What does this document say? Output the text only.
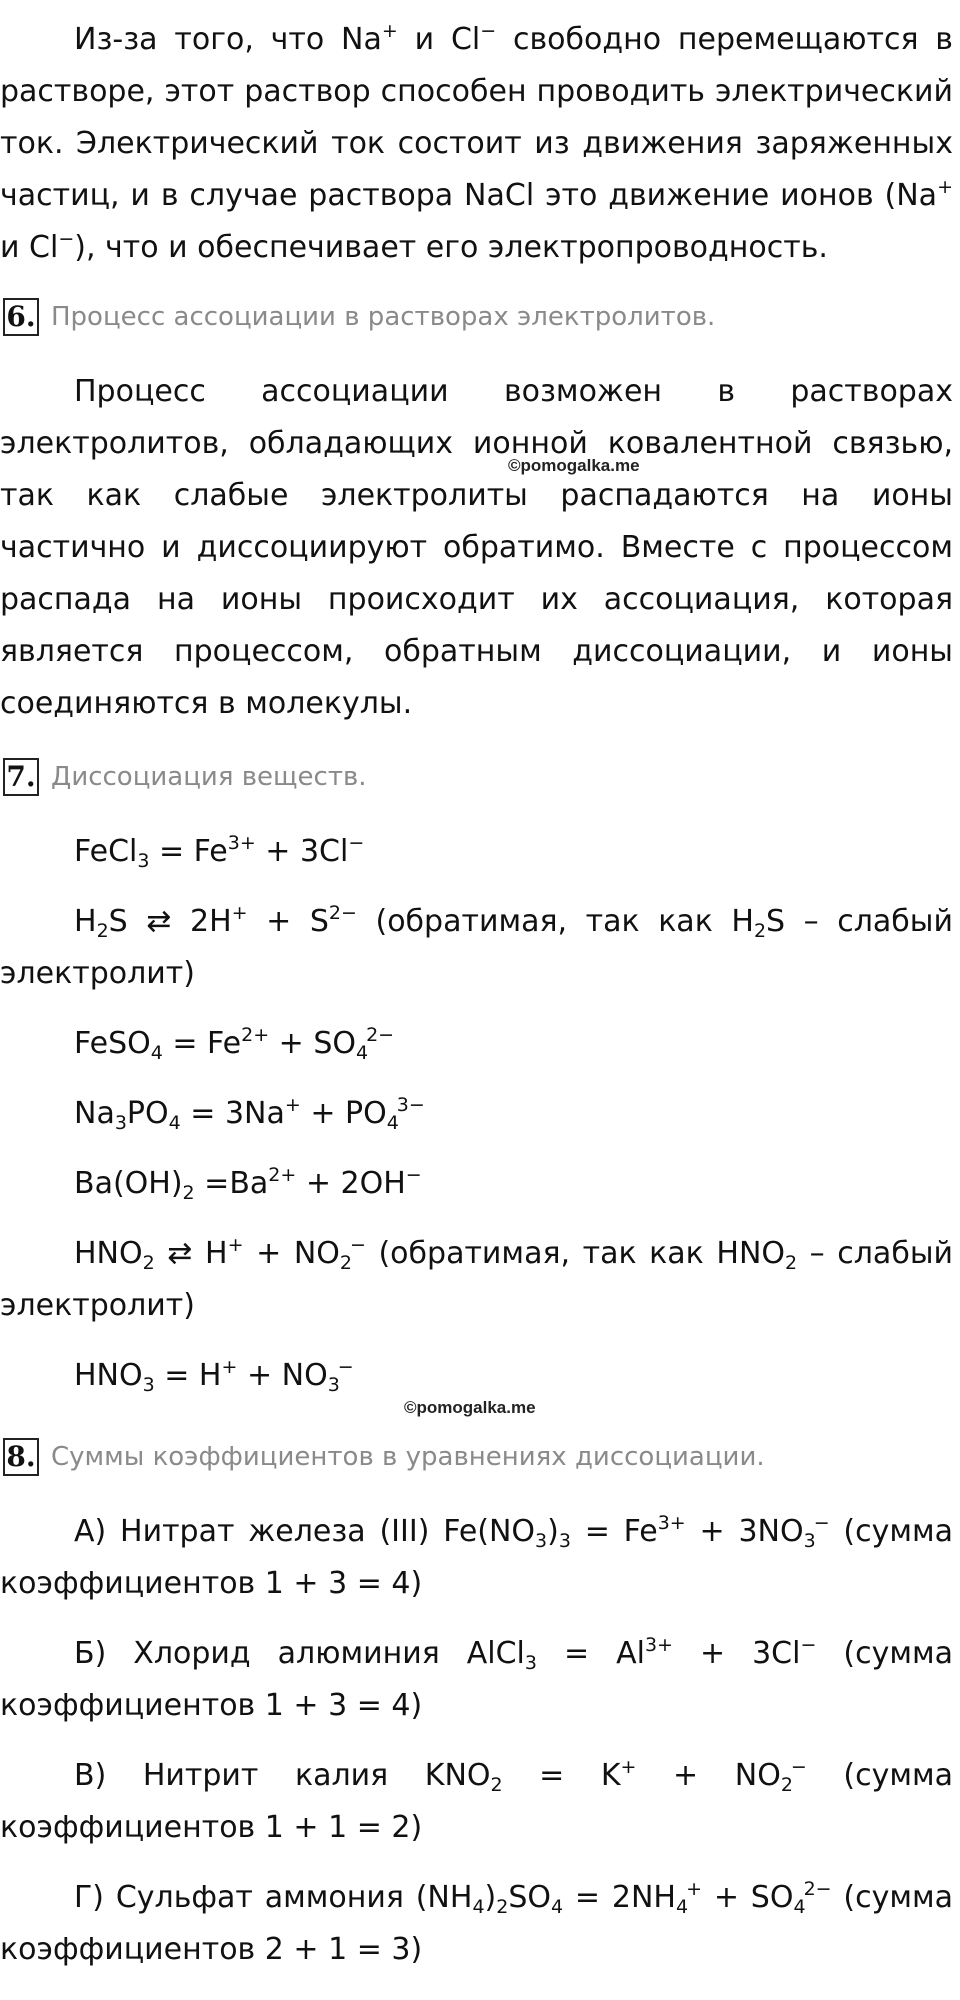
Из-за того, что Na+ и Cl− свободно перемещаются в растворе, этот раствор способен проводить электрический ток. Электрический ток состоит из движения заряженных частиц, и в случае раствора NaCl это движение ионов (Na+ и Cl−), что и обеспечивает его электропроводность.

6. Процесс ассоциации в растворах электролитов.

Процесс ассоциации возможен в растворах электролитов, обладающих ионной ковалентной связью, так как слабые электролиты распадаются на ионы частично и диссоциируют обратимо. Вместе с процессом распада на ионы происходит их ассоциация, которая является процессом, обратным диссоциации, и ионы соединяются в молекулы.

©pomogalka.me
7. Диссоциация веществ.

FeCl$_3$ = $Fe^{3+} + 3Cl^-$

$H_2S$ ⇄ $2H^+ + S^{2-}$ (обратимая, так как $H_2S$ – слабый электролит)

FeSO$_4$ = $Fe^{2+} + SO_4^{2-}$

$Na_3PO_4 = 3Na^+ + PO_4^{3-}$

$Ba(OH)_2 =Ba^{2+} + 2OH^-$

$HNO_2$ ⇄ $H^+ + NO_2^-$ (обратимая, так как $HNO_2$ – слабый электролит)

$HNO_3 = H^+ + NO_3^-$

©pomogalka.me
8. Суммы коэффициентов в уравнениях диссоциации.

А) Нитрат железа (III) $Fe(NO_3)_3 = Fe^{3+} + 3NO_3^-$ (сумма коэффициентов 1 + 3 = 4)

Б) Хлорид алюминия AlCl$_3$ = $Al^{3+} + 3Cl^-$ (сумма коэффициентов 1 + 3 = 4)

В) Нитрит калия $KNO_2 = K^+ + NO_2^-$ (сумма коэффициентов 1 + 1 = 2)

Г) Сульфат аммония $(NH_4)_2SO_4 = 2NH_4^+ + SO_4^{2-}$ (сумма коэффициентов 2 + 1 = 3)
